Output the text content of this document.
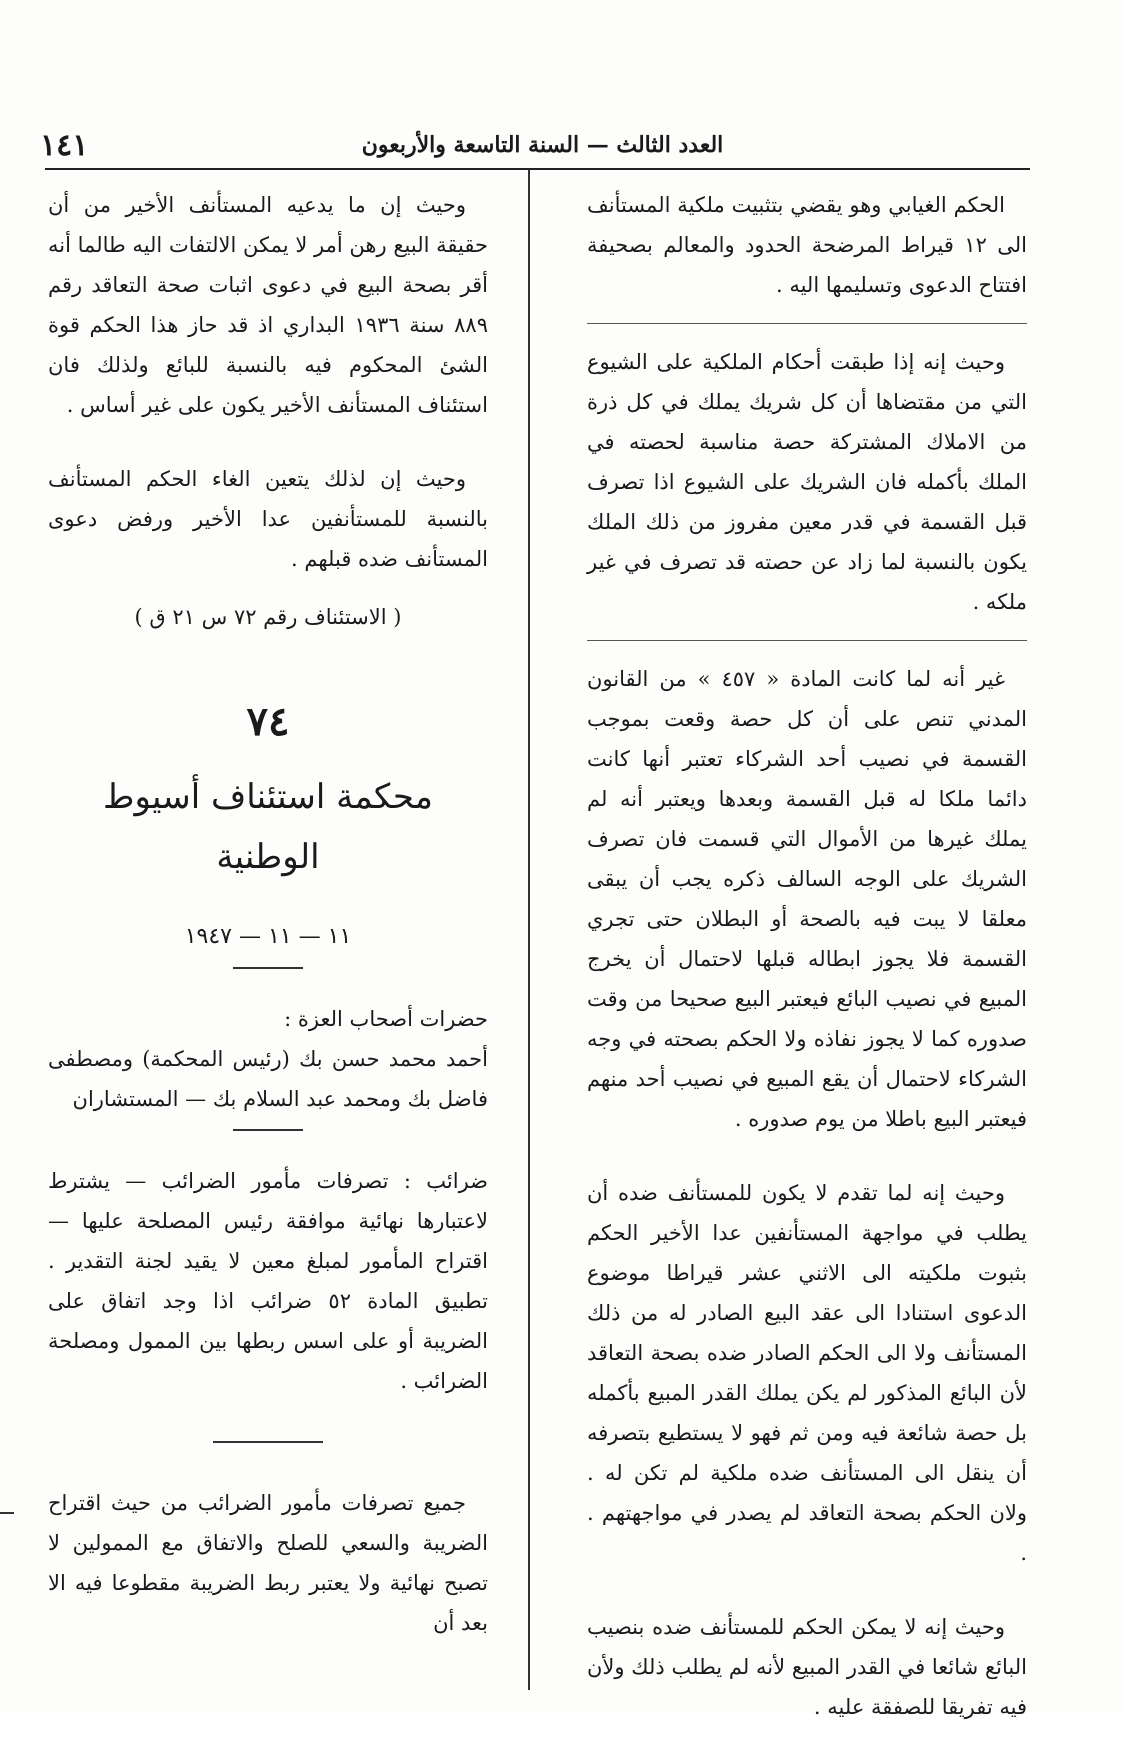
١٤١	العدد الثالث — السنة التاسعة والأربعون

الحكم الغيابي وهو يقضي بتثبيت ملكية المستأنف الى ١٢ قيراط المرضحة الحدود والمعالم بصحيفة افتتاح الدعوى وتسليمها اليه .

وحيث إنه إذا طبقت أحكام الملكية على الشيوع التي من مقتضاها أن كل شريك يملك في كل ذرة من الاملاك المشتركة حصة مناسبة لحصته في الملك بأكمله فان الشريك على الشيوع اذا تصرف قبل القسمة في قدر معين مفروز من ذلك الملك يكون بالنسبة لما زاد عن حصته قد تصرف في غير ملكه .

غير أنه لما كانت المادة « ٤٥٧ » من القانون المدني تنص على أن كل حصة وقعت بموجب القسمة في نصيب أحد الشركاء تعتبر أنها كانت دائما ملكا له قبل القسمة وبعدها ويعتبر أنه لم يملك غيرها من الأموال التي قسمت فان تصرف الشريك على الوجه السالف ذكره يجب أن يبقى معلقا لا يبت فيه بالصحة أو البطلان حتى تجري القسمة فلا يجوز ابطاله قبلها لاحتمال أن يخرج المبيع في نصيب البائع فيعتبر البيع صحيحا من وقت صدوره كما لا يجوز نفاذه ولا الحكم بصحته في وجه الشركاء لاحتمال أن يقع المبيع في نصيب أحد منهم فيعتبر البيع باطلا من يوم صدوره .

وحيث إنه لما تقدم لا يكون للمستأنف ضده أن يطلب في مواجهة المستأنفين عدا الأخير الحكم بثبوت ملكيته الى الاثني عشر قيراطا موضوع الدعوى استنادا الى عقد البيع الصادر له من ذلك المستأنف ولا الى الحكم الصادر ضده بصحة التعاقد لأن البائع المذكور لم يكن يملك القدر المبيع بأكمله بل حصة شائعة فيه ومن ثم فهو لا يستطيع بتصرفه أن ينقل الى المستأنف ضده ملكية لم تكن له . ولان الحكم بصحة التعاقد لم يصدر في مواجهتهم . .

وحيث إنه لا يمكن الحكم للمستأنف ضده بنصيب البائع شائعا في القدر المبيع لأنه لم يطلب ذلك ولأن فيه تفريقا للصفقة عليه .

وحيث إن ما يدعيه المستأنف الأخير من أن حقيقة البيع رهن أمر لا يمكن الالتفات اليه طالما أنه أقر بصحة البيع في دعوى اثبات صحة التعاقد رقم ٨٨٩ سنة ١٩٣٦ البداري اذ قد حاز هذا الحكم قوة الشئ المحكوم فيه بالنسبة للبائع ولذلك فان استئناف المستأنف الأخير يكون على غير أساس .

وحيث إن لذلك يتعين الغاء الحكم المستأنف بالنسبة للمستأنفين عدا الأخير ورفض دعوى المستأنف ضده قبلهم .

( الاستئناف رقم ٧٢ س ٢١ ق )
٧٤
محكمة استئناف أسيوط الوطنية
١١ — ١١ — ١٩٤٧

حضرات أصحاب العزة :

أحمد محمد حسن بك (رئيس المحكمة) ومصطفى فاضل بك ومحمد عبد السلام بك — المستشاران

ضرائب : تصرفات مأمور الضرائب — يشترط لاعتبارها نهائية موافقة رئيس المصلحة عليها — اقتراح المأمور لمبلغ معين لا يقيد لجنة التقدير . تطبيق المادة ٥٢ ضرائب اذا وجد اتفاق على الضريبة أو على اسس ربطها بين الممول ومصلحة الضرائب .

جميع تصرفات مأمور الضرائب من حيث اقتراح الضريبة والسعي للصلح والاتفاق مع الممولين لا تصبح نهائية ولا يعتبر ربط الضريبة مقطوعا فيه الا بعد أن
